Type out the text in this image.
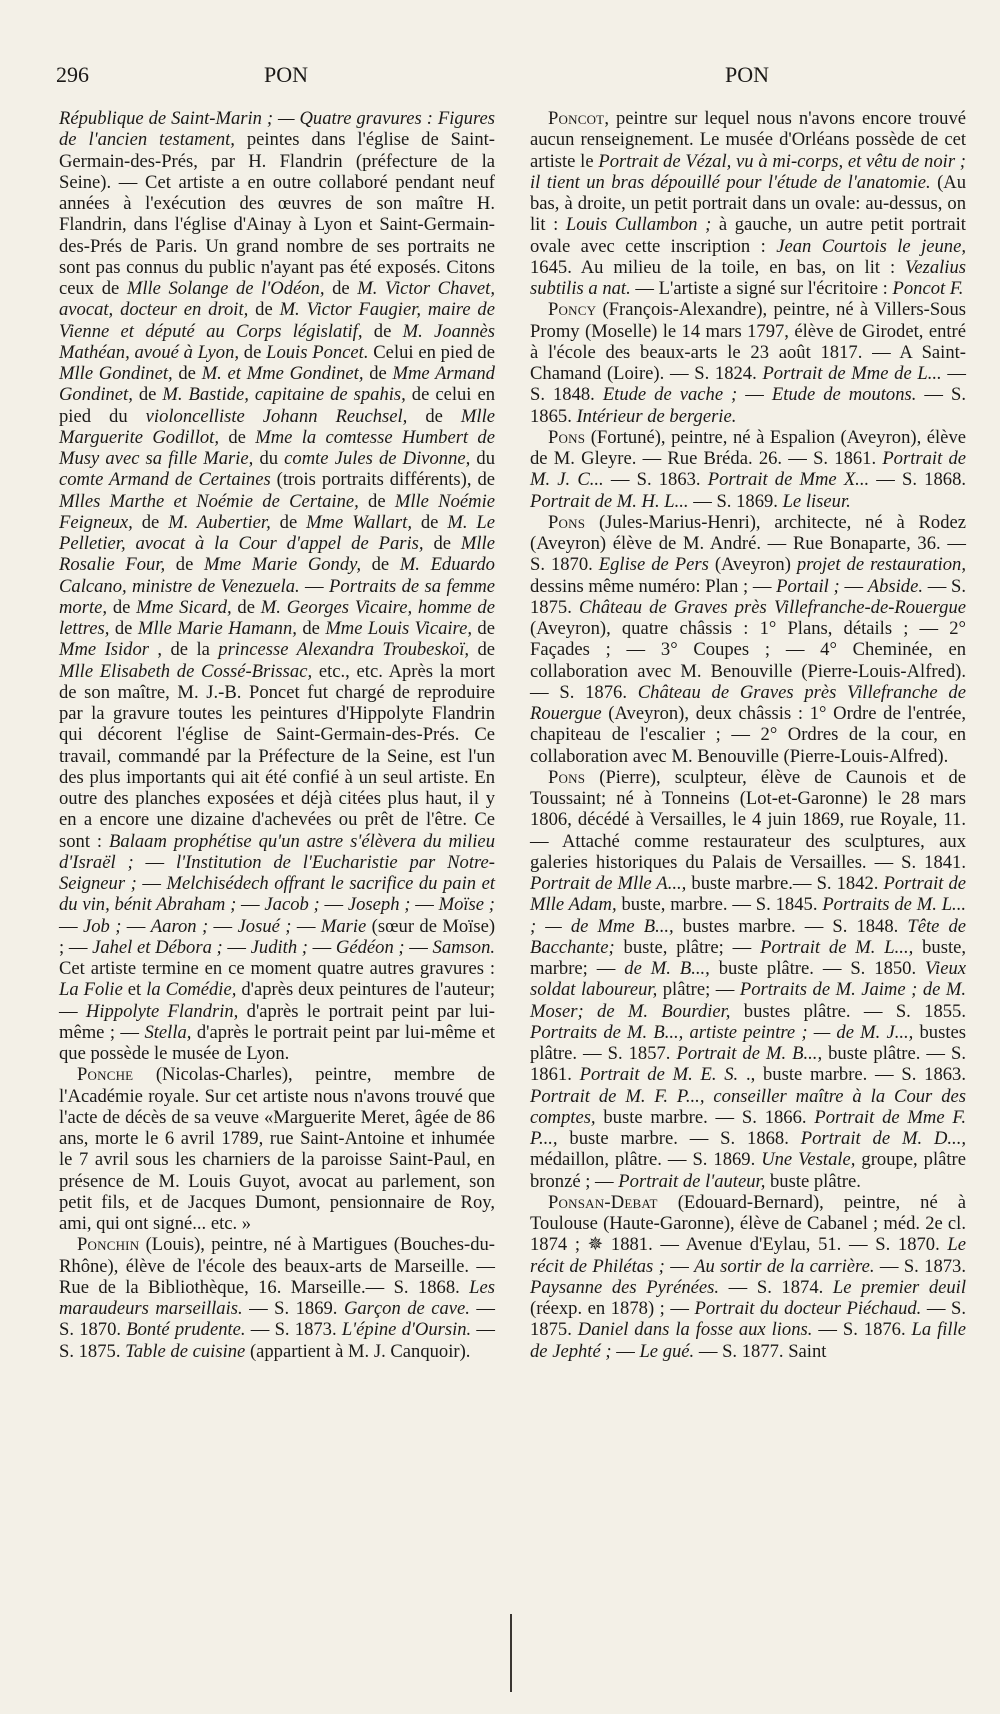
296	PON	PON

République de Saint-Marin ; — Quatre gravures : Figures de l'ancien testament, peintes dans l'église de Saint-Germain-des-Prés, par H. Flandrin (préfecture de la Seine). — Cet artiste a en outre collaboré pendant neuf années à l'exécution des œuvres de son maître H. Flandrin, dans l'église d'Ainay à Lyon et Saint-Germain-des-Prés de Paris. Un grand nombre de ses portraits ne sont pas connus du public n'ayant pas été exposés. Citons ceux de Mlle Solange de l'Odéon, de M. Victor Chavet, avocat, docteur en droit, de M. Victor Faugier, maire de Vienne et député au Corps législatif, de M. Joannès Mathéan, avoué à Lyon, de Louis Poncet. Celui en pied de Mlle Gondinet, de M. et Mme Gondinet, de Mme Armand Gondinet, de M. Bastide, capitaine de spahis, de celui en pied du violoncelliste Johann Reuchsel, de Mlle Marguerite Godillot, de Mme la comtesse Humbert de Musy avec sa fille Marie, du comte Jules de Divonne, du comte Armand de Certaines (trois portraits différents), de Mlles Marthe et Noémie de Certaine, de Mlle Noémie Feigneux, de M. Aubertier, de Mme Wallart, de M. Le Pelletier, avocat à la Cour d'appel de Paris, de Mlle Rosalie Four, de Mme Marie Gondy, de M. Eduardo Calcano, ministre de Venezuela. — Portraits de sa femme morte, de Mme Sicard, de M. Georges Vicaire, homme de lettres, de Mlle Marie Hamann, de Mme Louis Vicaire, de Mme Isidor , de la princesse Alexandra Troubeskoï, de Mlle Elisabeth de Cossé-Brissac, etc., etc. Après la mort de son maître, M. J.-B. Poncet fut chargé de reproduire par la gravure toutes les peintures d'Hippolyte Flandrin qui décorent l'église de Saint-Germain-des-Prés. Ce travail, commandé par la Préfecture de la Seine, est l'un des plus importants qui ait été confié à un seul artiste. En outre des planches exposées et déjà citées plus haut, il y en a encore une dizaine d'achevées ou prêt de l'être. Ce sont : Balaam prophétise qu'un astre s'élèvera du milieu d'Israël ; — l'Institution de l'Eucharistie par Notre-Seigneur ; — Melchisédech offrant le sacrifice du pain et du vin, bénit Abraham ; — Jacob ; — Joseph ; — Moïse ; — Job ; — Aaron ; — Josué ; — Marie (sœur de Moïse) ; — Jahel et Débora ; — Judith ; — Gédéon ; — Samson. Cet artiste termine en ce moment quatre autres gravures : La Folie et la Comédie, d'après deux peintures de l'auteur; — Hippolyte Flandrin, d'après le portrait peint par lui-même ; — Stella, d'après le portrait peint par lui-même et que possède le musée de Lyon.

Ponche (Nicolas-Charles), peintre, membre de l'Académie royale. Sur cet artiste nous n'avons trouvé que l'acte de décès de sa veuve «Marguerite Meret, âgée de 86 ans, morte le 6 avril 1789, rue Saint-Antoine et inhumée le 7 avril sous les charniers de la paroisse Saint-Paul, en présence de M. Louis Guyot, avocat au parlement, son petit fils, et de Jacques Dumont, pensionnaire de Roy, ami, qui ont signé... etc. »

Ponchin (Louis), peintre, né à Martigues (Bouches-du-Rhône), élève de l'école des beaux-arts de Marseille. — Rue de la Bibliothèque, 16. Marseille.— S. 1868. Les maraudeurs marseillais. — S. 1869. Garçon de cave. — S. 1870. Bonté prudente. — S. 1873. L'épine d'Oursin. — S. 1875. Table de cuisine (appartient à M. J. Canquoir).

Poncot, peintre sur lequel nous n'avons encore trouvé aucun renseignement. Le musée d'Orléans possède de cet artiste le Portrait de Vézal, vu à mi-corps, et vêtu de noir ; il tient un bras dépouillé pour l'étude de l'anatomie. (Au bas, à droite, un petit portrait dans un ovale: au-dessus, on lit : Louis Cullambon ; à gauche, un autre petit portrait ovale avec cette inscription : Jean Courtois le jeune, 1645. Au milieu de la toile, en bas, on lit : Vezalius subtilis a nat. — L'artiste a signé sur l'écritoire : Poncot F.

Poncy (François-Alexandre), peintre, né à Villers-Sous Promy (Moselle) le 14 mars 1797, élève de Girodet, entré à l'école des beaux-arts le 23 août 1817. — A Saint-Chamand (Loire). — S. 1824. Portrait de Mme de L... — S. 1848. Etude de vache ; — Etude de moutons. — S. 1865. Intérieur de bergerie.

Pons (Fortuné), peintre, né à Espalion (Aveyron), élève de M. Gleyre. — Rue Bréda. 26. — S. 1861. Portrait de M. J. C... — S. 1863. Portrait de Mme X... — S. 1868. Portrait de M. H. L... — S. 1869. Le liseur.

Pons (Jules-Marius-Henri), architecte, né à Rodez (Aveyron) élève de M. André. — Rue Bonaparte, 36. — S. 1870. Eglise de Pers (Aveyron) projet de restauration, dessins même numéro: Plan ; — Portail ; — Abside. — S. 1875. Château de Graves près Villefranche-de-Rouergue (Aveyron), quatre châssis : 1° Plans, détails ; — 2° Façades ; — 3° Coupes ; — 4° Cheminée, en collaboration avec M. Benouville (Pierre-Louis-Alfred). — S. 1876. Château de Graves près Villefranche de Rouergue (Aveyron), deux châssis : 1° Ordre de l'entrée, chapiteau de l'escalier ; — 2° Ordres de la cour, en collaboration avec M. Benouville (Pierre-Louis-Alfred).

Pons (Pierre), sculpteur, élève de Caunois et de Toussaint; né à Tonneins (Lot-et-Garonne) le 28 mars 1806, décédé à Versailles, le 4 juin 1869, rue Royale, 11. — Attaché comme restaurateur des sculptures, aux galeries historiques du Palais de Versailles. — S. 1841. Portrait de Mlle A..., buste marbre.— S. 1842. Portrait de Mlle Adam, buste, marbre. — S. 1845. Portraits de M. L... ; — de Mme B..., bustes marbre. — S. 1848. Tête de Bacchante; buste, plâtre; — Portrait de M. L..., buste, marbre; — de M. B..., buste plâtre. — S. 1850. Vieux soldat laboureur, plâtre; — Portraits de M. Jaime ; de M. Moser; de M. Bourdier, bustes plâtre. — S. 1855. Portraits de M. B..., artiste peintre ; — de M. J..., bustes plâtre. — S. 1857. Portrait de M. B..., buste plâtre. — S. 1861. Portrait de M. E. S. ., buste marbre. — S. 1863. Portrait de M. F. P..., conseiller maître à la Cour des comptes, buste marbre. — S. 1866. Portrait de Mme F. P..., buste marbre. — S. 1868. Portrait de M. D..., médaillon, plâtre. — S. 1869. Une Vestale, groupe, plâtre bronzé ; — Portrait de l'auteur, buste plâtre.

Ponsan-Debat (Edouard-Bernard), peintre, né à Toulouse (Haute-Garonne), élève de Cabanel ; méd. 2e cl. 1874 ; ✵ 1881. — Avenue d'Eylau, 51. — S. 1870. Le récit de Philétas ; — Au sortir de la carrière. — S. 1873. Paysanne des Pyrénées. — S. 1874. Le premier deuil (réexp. en 1878) ; — Portrait du docteur Piéchaud. — S. 1875. Daniel dans la fosse aux lions. — S. 1876. La fille de Jephté ; — Le gué. — S. 1877. Saint
